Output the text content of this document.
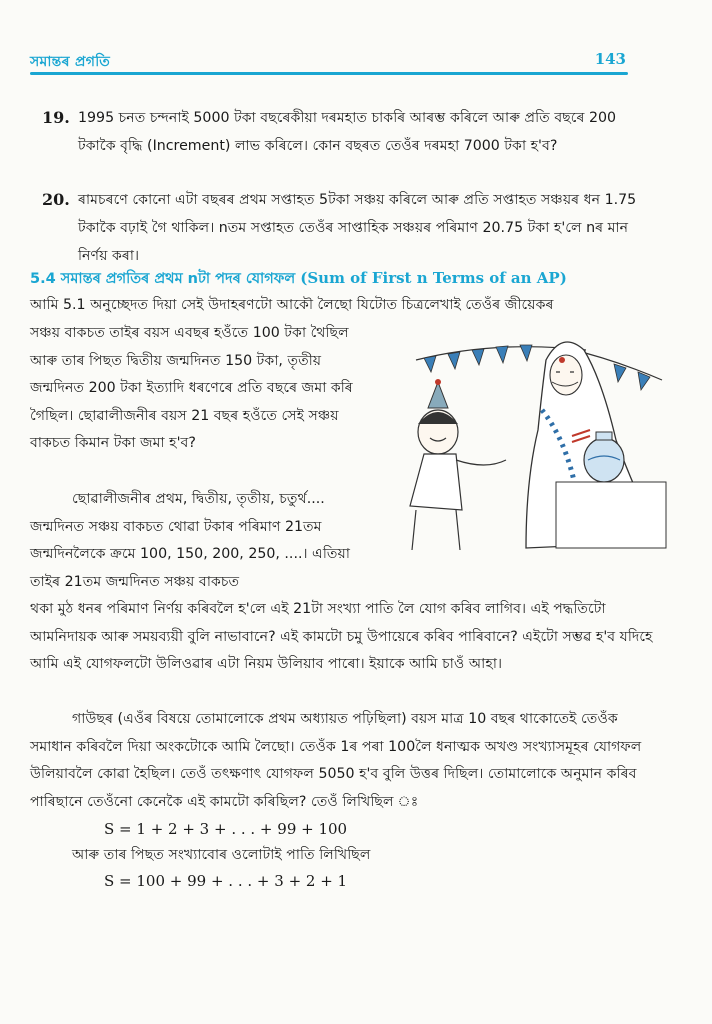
সমান্তৰ প্ৰগতি	143
19. 1995 চনত চন্দনাই 5000 টকা বছৰেকীয়া দৰমহাত চাকৰি আৰম্ভ কৰিলে আৰু প্ৰতি বছৰে 200 টকাকৈ বৃদ্ধি (Increment) লাভ কৰিলে। কোন বছৰত তেওঁৰ দৰমহা 7000 টকা হ'ব?
20. ৰামচৰণে কোনো এটা বছৰৰ প্ৰথম সপ্তাহত 5টকা সঞ্চয় কৰিলে আৰু প্ৰতি সপ্তাহত সঞ্চয়ৰ ধন 1.75 টকাকৈ বঢ়াই গৈ থাকিল। nতম সপ্তাহত তেওঁৰ সাপ্তাহিক সঞ্চয়ৰ পৰিমাণ 20.75 টকা হ'লে nৰ মান নিৰ্ণয় কৰা।
5.4 সমান্তৰ প্ৰগতিৰ প্ৰথম nটা পদৰ যোগফল (Sum of First n Terms of an AP)

আমি 5.1 অনুচ্ছেদত দিয়া সেই উদাহৰণটো আকৌ লৈছো যিটোত চিত্ৰলেখাই তেওঁৰ জীয়েকৰ

সঞ্চয় বাকচত তাইৰ বয়স এবছৰ হওঁতে 100 টকা থৈছিল আৰু তাৰ পিছত দ্বিতীয় জন্মদিনত 150 টকা, তৃতীয় জন্মদিনত 200 টকা ইত্যাদি ধৰণেৰে প্ৰতি বছৰে জমা কৰি গৈছিল। ছোৱালীজনীৰ বয়স 21 বছৰ হওঁতে সেই সঞ্চয় বাকচত কিমান টকা জমা হ'ব?

ছোৱালীজনীৰ প্ৰথম, দ্বিতীয়, তৃতীয়, চতুৰ্থ.... জন্মদিনত সঞ্চয় বাকচত থোৱা টকাৰ পৰিমাণ 21তম জন্মদিনলৈকে ক্ৰমে 100, 150, 200, 250, ....। এতিয়া তাইৰ 21তম জন্মদিনত সঞ্চয় বাকচত

থকা মুঠ ধনৰ পৰিমাণ নিৰ্ণয় কৰিবলৈ হ'লে এই 21টা সংখ্যা পাতি লৈ যোগ কৰিব লাগিব। এই পদ্ধতিটো আমনিদায়ক আৰু সময়ব্যয়ী বুলি নাভাবানে? এই কামটো চমু উপায়েৰে কৰিব পাৰিবানে? এইটো সম্ভৱ হ'ব যদিহে আমি এই যোগফলটো উলিওৱাৰ এটা নিয়ম উলিয়াব পাৰো। ইয়াকে আমি চাওঁ আহা।

গাউছৰ (এওঁৰ বিষয়ে তোমালোকে প্ৰথম অধ্যায়ত পঢ়িছিলা) বয়স মাত্ৰ 10 বছৰ থাকোতেই তেওঁক সমাধান কৰিবলৈ দিয়া অংকটোকে আমি লৈছো। তেওঁক 1ৰ পৰা 100লৈ ধনাত্মক অখণ্ড সংখ্যাসমূহৰ যোগফল উলিয়াবলৈ কোৱা হৈছিল। তেওঁ তৎক্ষণাৎ যোগফল 5050 হ'ব বুলি উত্তৰ দিছিল। তোমালোকে অনুমান কৰিব পাৰিছানে তেওঁনো কেনেকৈ এই কামটো কৰিছিল? তেওঁ লিখিছিল ঃ

S = 1 + 2 + 3 + . . . + 99 + 100

আৰু তাৰ পিছত সংখ্যাবোৰ ওলোটাই পাতি লিখিছিল

S = 100 + 99 + . . . + 3 + 2 + 1
